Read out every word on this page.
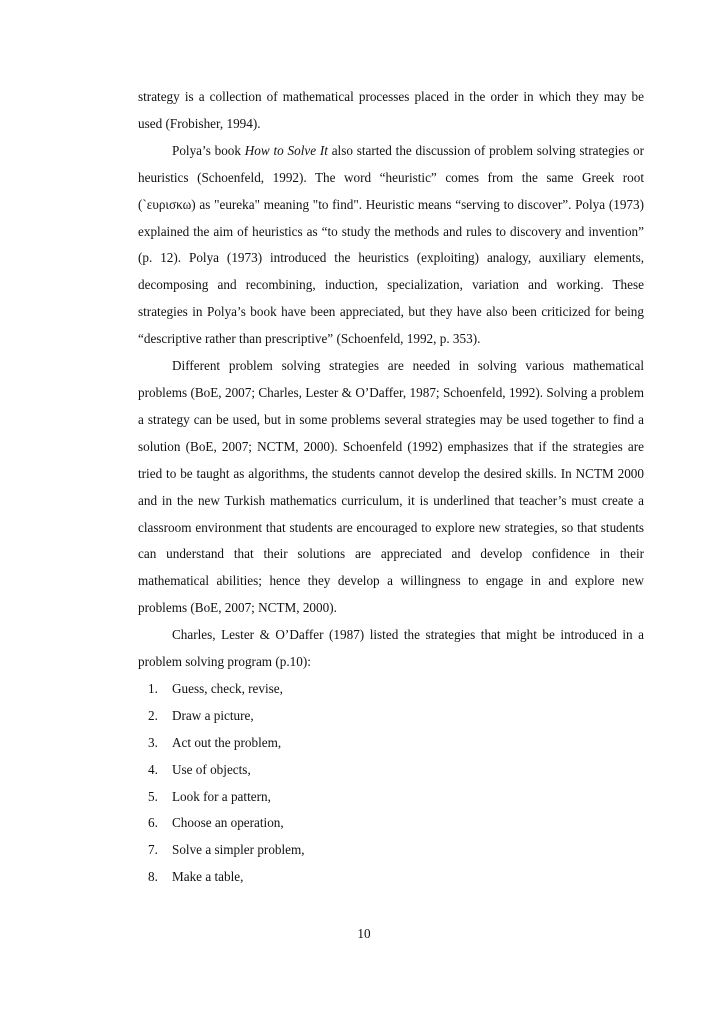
strategy is a collection of mathematical processes placed in the order in which they may be used (Frobisher, 1994).

Polya’s book How to Solve It also started the discussion of problem solving strategies or heuristics (Schoenfeld, 1992). The word “heuristic” comes from the same Greek root (`ευρισκω) as "eureka" meaning "to find". Heuristic means “serving to discover”. Polya (1973) explained the aim of heuristics as “to study the methods and rules to discovery and invention” (p. 12). Polya (1973) introduced the heuristics (exploiting) analogy, auxiliary elements, decomposing and recombining, induction, specialization, variation and working. These strategies in Polya’s book have been appreciated, but they have also been criticized for being “descriptive rather than prescriptive” (Schoenfeld, 1992, p. 353).

Different problem solving strategies are needed in solving various mathematical problems (BoE, 2007; Charles, Lester & O’Daffer, 1987; Schoenfeld, 1992). Solving a problem a strategy can be used, but in some problems several strategies may be used together to find a solution (BoE, 2007; NCTM, 2000). Schoenfeld (1992) emphasizes that if the strategies are tried to be taught as algorithms, the students cannot develop the desired skills. In NCTM 2000 and in the new Turkish mathematics curriculum, it is underlined that teacher’s must create a classroom environment that students are encouraged to explore new strategies, so that students can understand that their solutions are appreciated and develop confidence in their mathematical abilities; hence they develop a willingness to engage in and explore new problems (BoE, 2007; NCTM, 2000).

Charles, Lester & O’Daffer (1987) listed the strategies that might be introduced in a problem solving program (p.10):

1.	Guess, check, revise,
2.	Draw a picture,
3.	Act out the problem,
4.	Use of objects,
5.	Look for a pattern,
6.	Choose an operation,
7.	Solve a simpler problem,
8.	Make a table,
10
